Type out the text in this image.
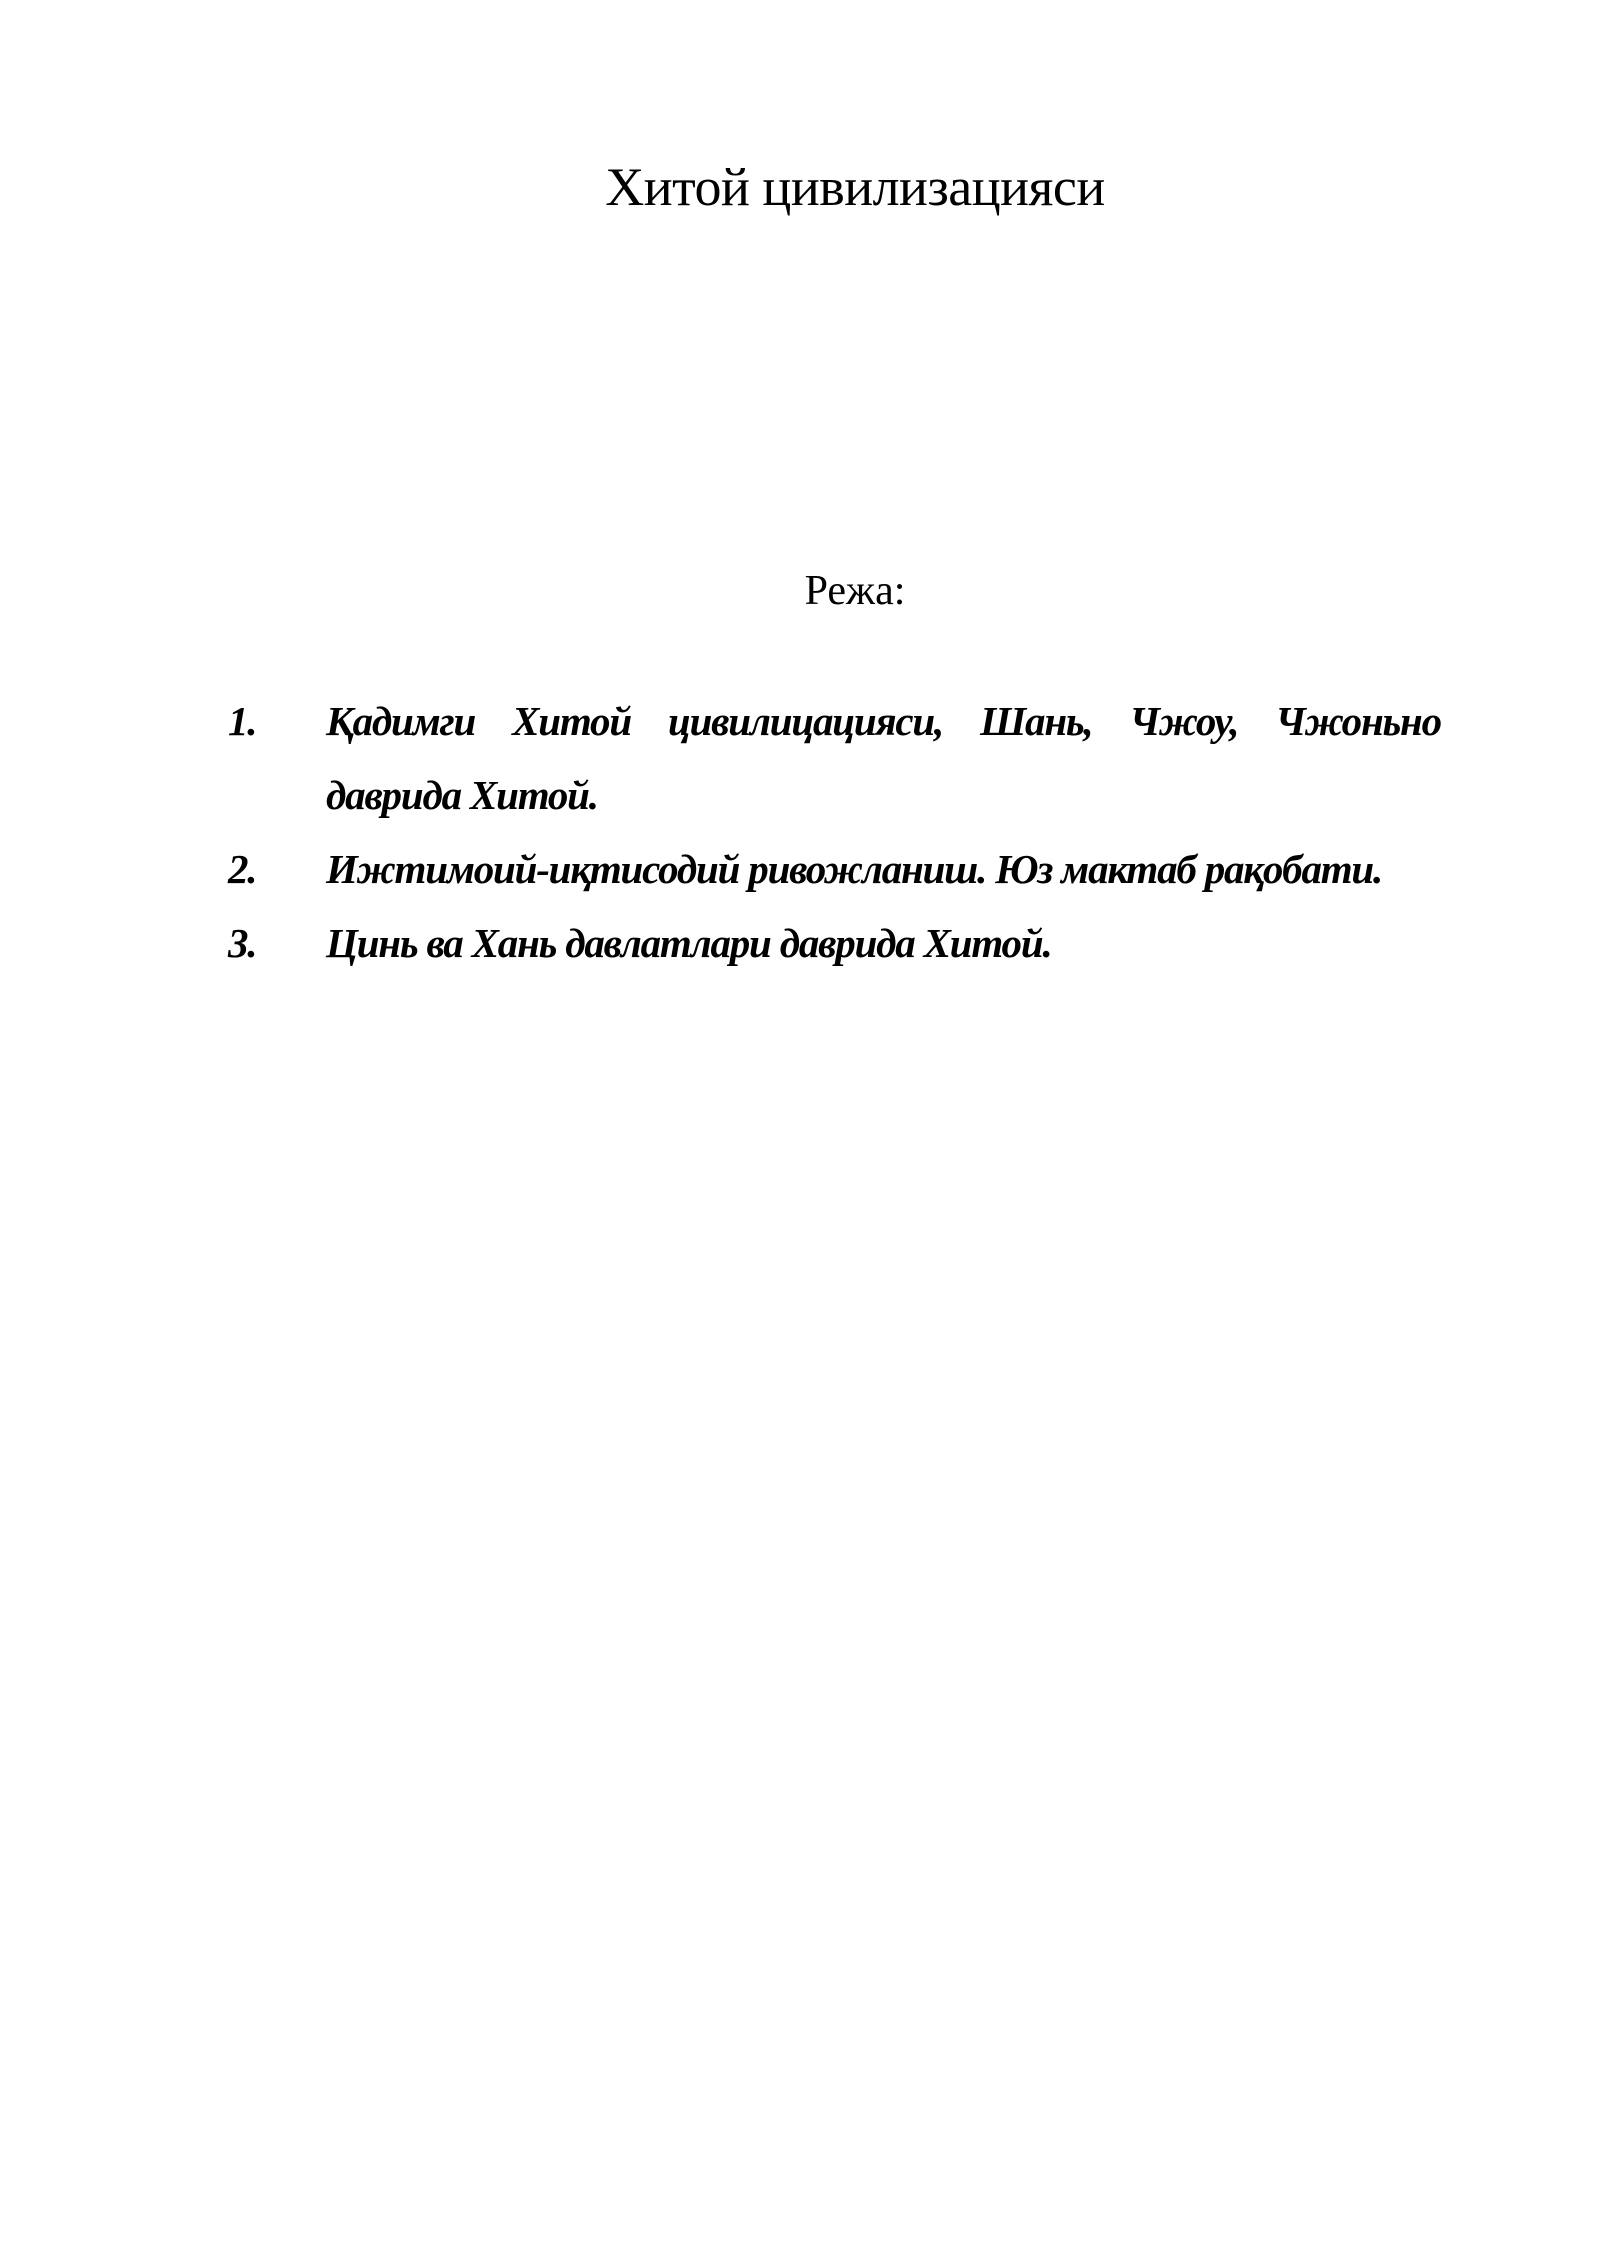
Хитой цивилизацияси
Режа:
1. Қадимги Хитой цивилицацияси, Шань, Чжоу, Чжоньно
даврида Хитой.
2. Ижтимоий-иқтисодий ривожланиш. Юз мактаб рақобати.
3. Цинь ва Хань давлатлари даврида Хитой.
